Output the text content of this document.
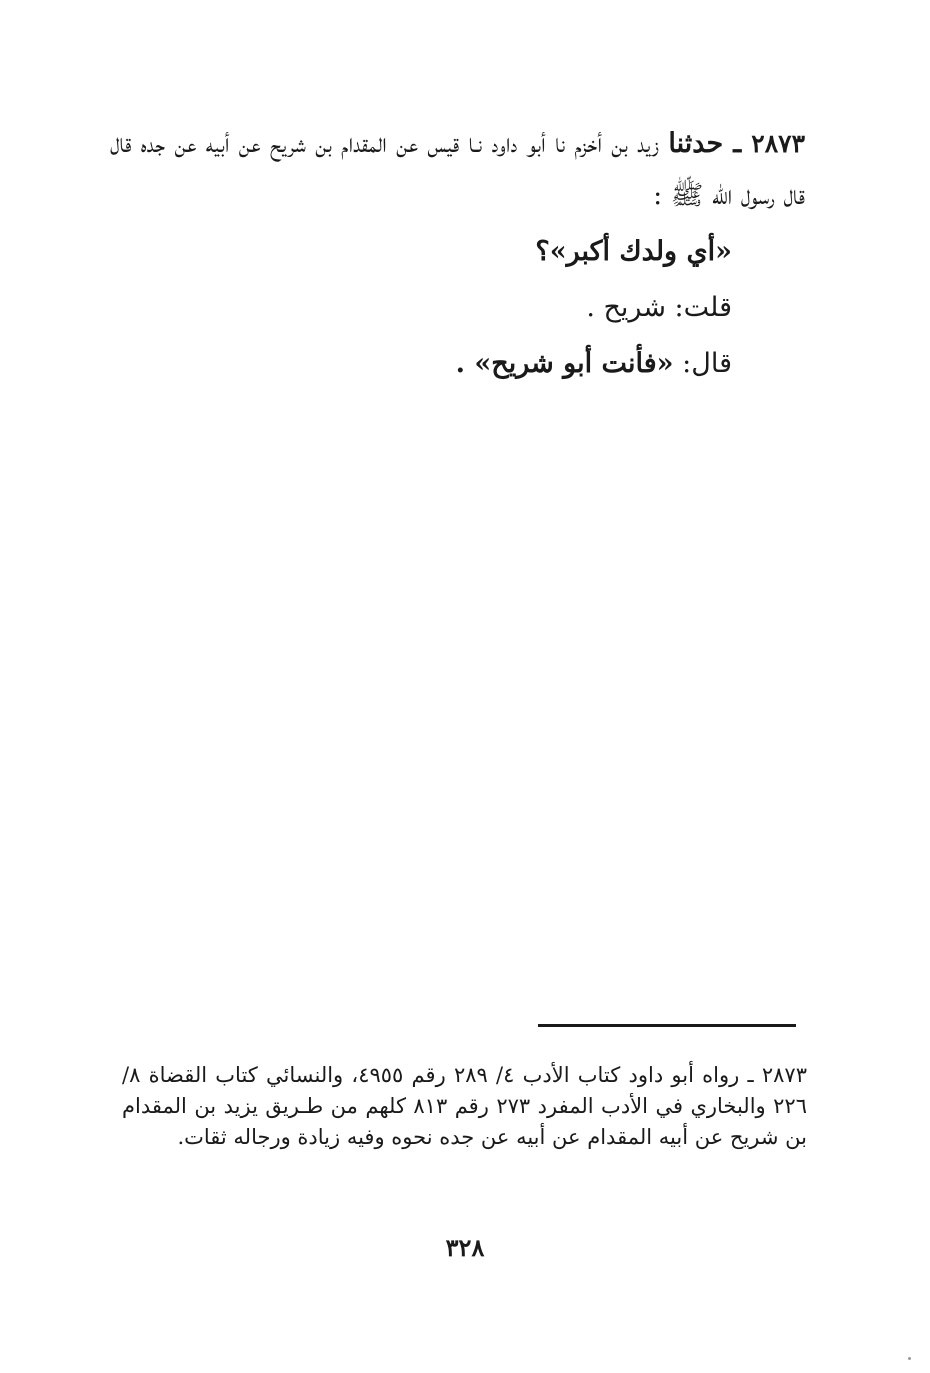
٢٨٧٣ ـ حدثنا زيد بن أخزم نا أبو داود نـا قيس عن المقدام بن شريح عن أبيه عن جده قال قال رسول الله ﷺ :
«أي ولدك أكبر»؟
قلت: شريح .
قال: «فأنت أبو شريح» .
٢٨٧٣ ـ رواه أبو داود كتاب الأدب ٤/ ٢٨٩ رقم ٤٩٥٥، والنسائي كتاب القضاة ٨/ ٢٢٦ والبخاري في الأدب المفرد ٢٧٣ رقم ٨١٣ كلهم من طـريق يزيد بن المقدام بن شريح عن أبيه المقدام عن أبيه عن جده نحوه وفيه زيادة ورجاله ثقات.
٣٢٨
